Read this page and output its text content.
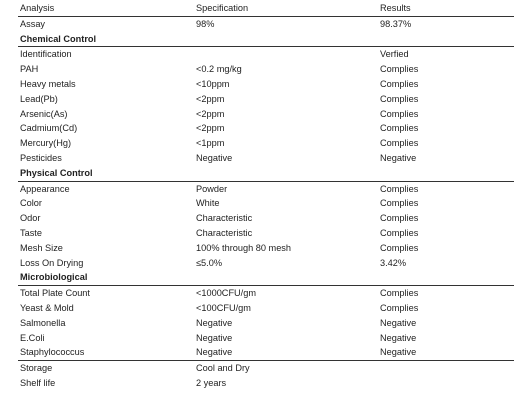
Analysis	Specification	Results
Assay	98%	98.37%
Chemical Control		
Identification		Verfied
PAH	<0.2 mg/kg	Complies
Heavy metals	<10ppm	Complies
Lead(Pb)	<2ppm	Complies
Arsenic(As)	<2ppm	Complies
Cadmium(Cd)	<2ppm	Complies
Mercury(Hg)	<1ppm	Complies
Pesticides	Negative	Negative
Physical Control		
Appearance	Powder	Complies
Color	White	Complies
Odor	Characteristic	Complies
Taste	Characteristic	Complies
Mesh Size	100% through 80 mesh	Complies
Loss On Drying	≤5.0%	3.42%
Microbiological		
Total Plate Count	<1000CFU/gm	Complies
Yeast & Mold	<100CFU/gm	Complies
Salmonella	Negative	Negative
E.Coli	Negative	Negative
Staphylococcus	Negative	Negative
Storage	Cool and Dry	
Shelf life	2 years	
